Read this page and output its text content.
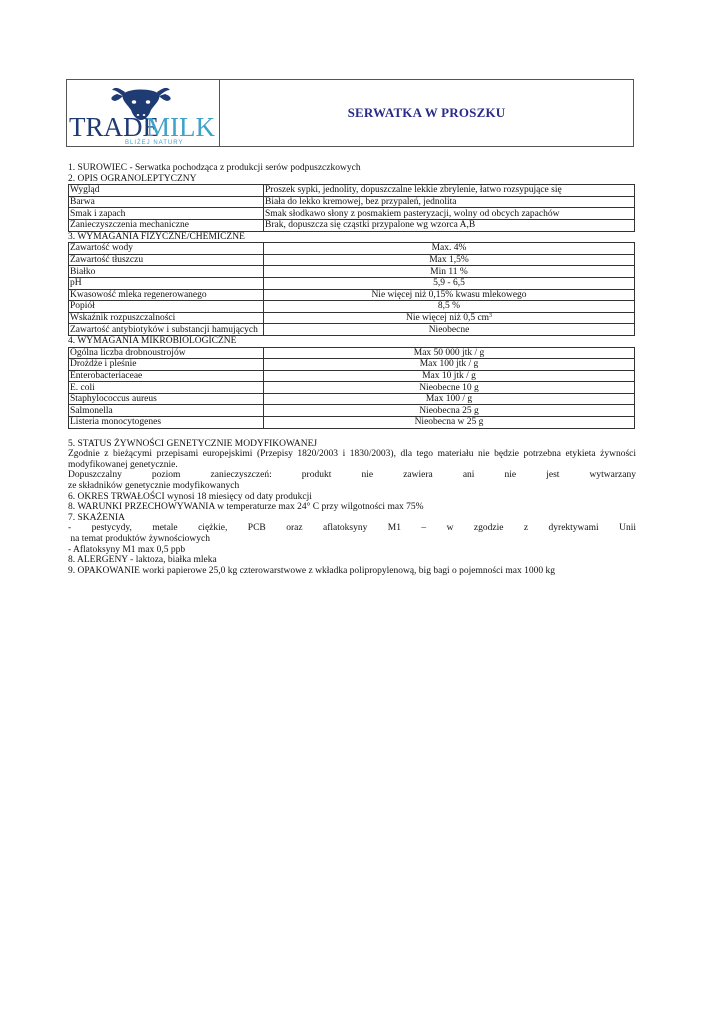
TRADE
MILK
BLIŻEJ NATURY
SERWATKA W PROSZKU
1. SUROWIEC - Serwatka pochodząca z produkcji serów podpuszczkowych
2. OPIS OGRANOLEPTYCZNY
Wygląd	Proszek sypki, jednolity, dopuszczalne lekkie zbrylenie, łatwo rozsypujące się
Barwa	Biała do lekko kremowej, bez przypaleń, jednolita
Smak i zapach	Smak słodkawo słony z posmakiem pasteryzacji, wolny od obcych zapachów
Zanieczyszczenia mechaniczne	Brak, dopuszcza się cząstki przypalone wg wzorca A,B
3. WYMAGANIA FIZYCZNE/CHEMICZNE
Zawartość wody	Max. 4%
Zawartość tłuszczu	Max 1,5%
Białko	Min 11 %
pH	5,9 - 6,5
Kwasowość mleka regenerowanego	Nie więcej niż 0,15% kwasu mlekowego
Popiół	8,5 %
Wskaźnik rozpuszczalności	Nie więcej niż 0,5 $cm^3$
Zawartość antybiotyków i substancji hamujących	Nieobecne
4. WYMAGANIA MIKROBIOLOGICZNE
Ogólna liczba drobnoustrojów	Max 50 000 jtk / g
Drożdże i pleśnie	Max 100 jtk / g
Enterobacteriaceae	Max 10 jtk / g
E. coli	Nieobecne 10 g
Staphylococcus aureus	Max 100 / g
Salmonella	Nieobecna 25 g
Listeria monocytogenes	Nieobecna w 25 g
5. STATUS ŻYWNOŚCI GENETYCZNIE MODYFIKOWANEJ
Zgodnie z bieżącymi przepisami europejskimi (Przepisy 1820/2003 i 1830/2003), dla tego materiału nie będzie potrzebna etykieta żywności modyfikowanej genetycznie.
Dopuszczalny poziom zanieczyszczeń: produkt nie zawiera ani nie jest wytwarzany
ze składników genetycznie modyfikowanych
6. OKRES TRWAŁOŚCI wynosi 18 miesięcy od daty produkcji
8. WARUNKI PRZECHOWYWANIA w temperaturze max 24° C przy wilgotności max 75%
7. SKAŻENIA
- pestycydy, metale ciężkie, PCB oraz aflatoksyny M1 – w zgodzie z dyrektywami Unii
na temat produktów żywnościowych
- Aflatoksyny M1 max 0,5 ppb
8. ALERGENY - laktoza, białka mleka
9. OPAKOWANIE worki papierowe 25,0 kg czterowarstwowe z wkładka polipropylenową, big bagi o pojemności max 1000 kg
